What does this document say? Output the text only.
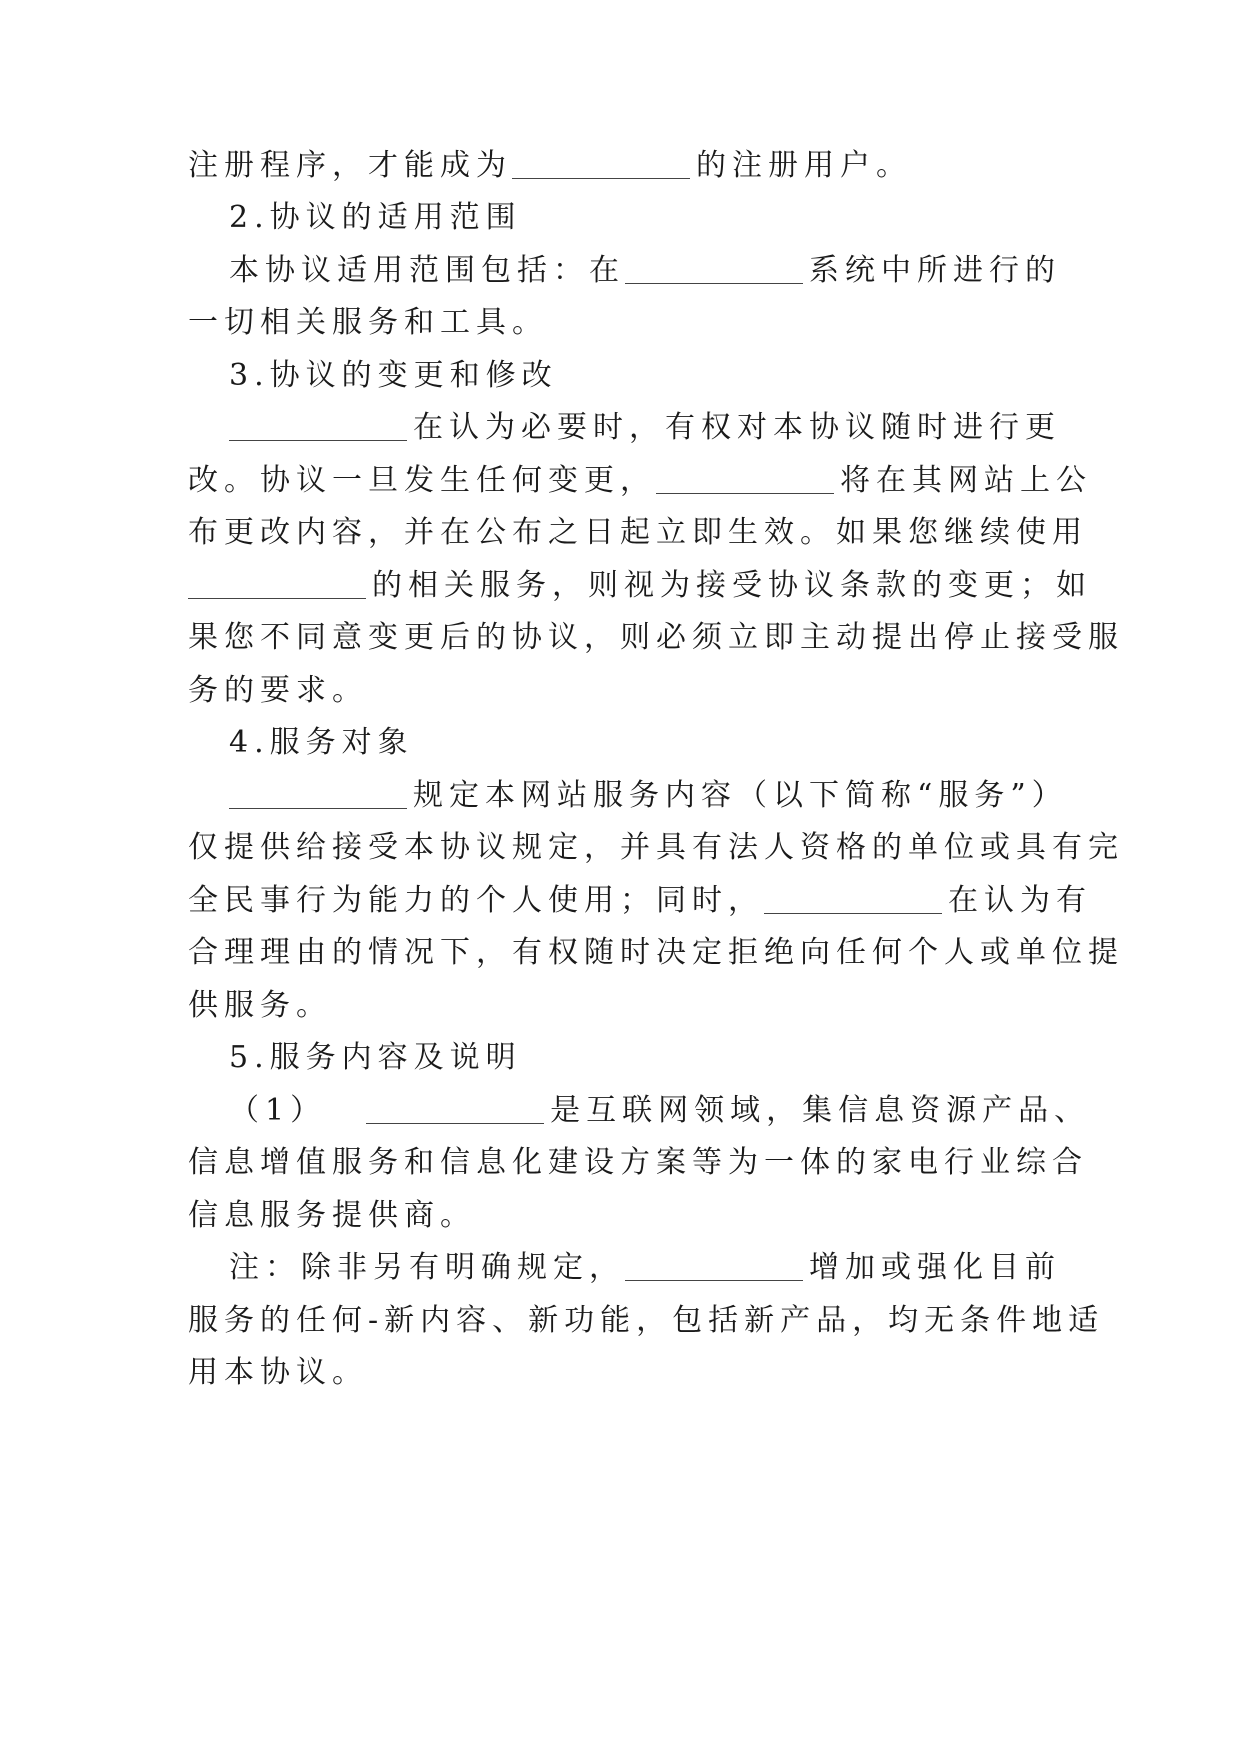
注册程序，才能成为	的注册用户。
2.协议的适用范围
本协议适用范围包括：在	系统中所进行的
一切相关服务和工具。
3.协议的变更和修改
在认为必要时，有权对本协议随时进行更
改。协议一旦发生任何变更，	将在其网站上公
布更改内容，并在公布之日起立即生效。如果您继续使用
的相关服务，则视为接受协议条款的变更；如
果您不同意变更后的协议，则必须立即主动提出停止接受服
务的要求。
4.服务对象
规定本网站服务内容（以下简称“服务”）
仅提供给接受本协议规定，并具有法人资格的单位或具有完
全民事行为能力的个人使用；同时，	在认为有
合理理由的情况下，有权随时决定拒绝向任何个人或单位提
供服务。
5.服务内容及说明
（1）	是互联网领域，集信息资源产品、
信息增值服务和信息化建设方案等为一体的家电行业综合
信息服务提供商。
注：除非另有明确规定，	增加或强化目前
服务的任何-新内容、新功能，包括新产品，均无条件地适
用本协议。
